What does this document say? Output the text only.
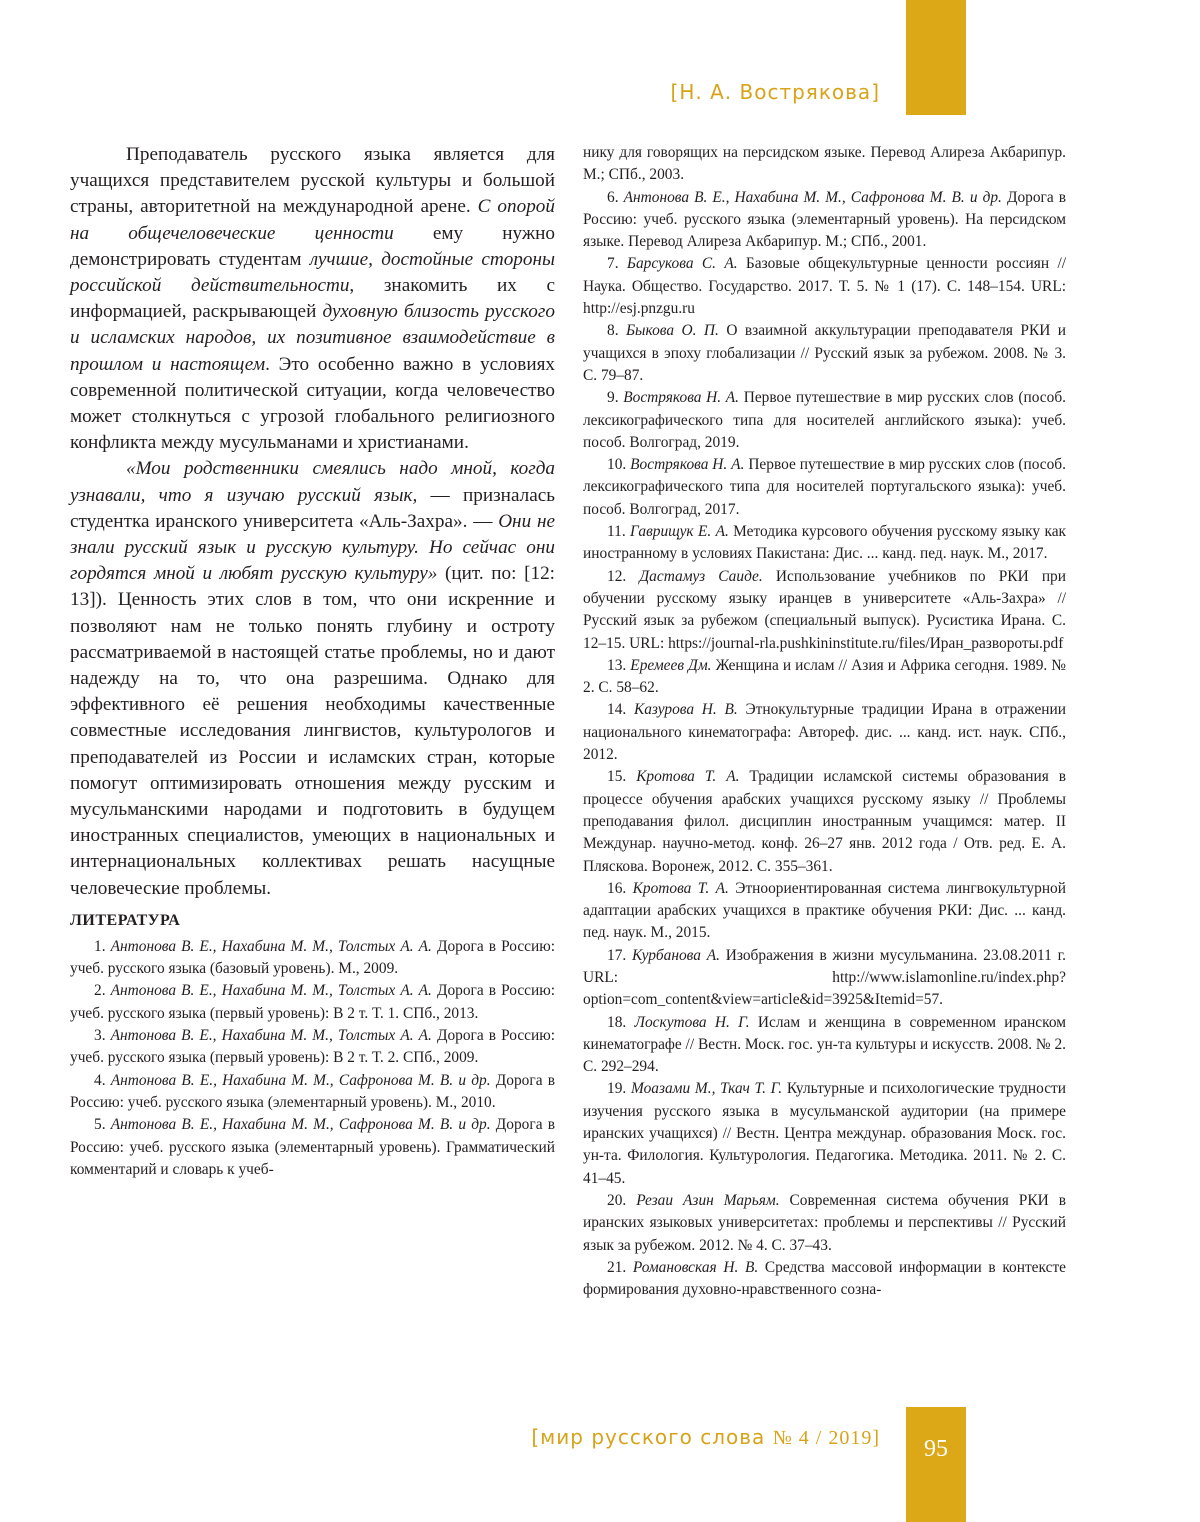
[Н. А. Вострякова]

Преподаватель русского языка является для учащихся представителем русской культуры и большой страны, авторитетной на международной арене. С опорой на общечеловеческие ценности ему нужно демонстрировать студентам лучшие, достойные стороны российской действительности, знакомить их с информацией, раскрывающей духовную близость русского и исламских народов, их позитивное взаимодействие в прошлом и настоящем. Это особенно важно в условиях современной политической ситуации, когда человечество может столкнуться с угрозой глобального религиозного конфликта между мусульманами и христианами.

«Мои родственники смеялись надо мной, когда узнавали, что я изучаю русский язык, — призналась студентка иранского университета «Аль-Захра». — Они не знали русский язык и русскую культуру. Но сейчас они гордятся мной и любят русскую культуру» (цит. по: [12: 13]). Ценность этих слов в том, что они искренние и позволяют нам не только понять глубину и остроту рассматриваемой в настоящей статье проблемы, но и дают надежду на то, что она разрешима. Однако для эффективного её решения необходимы качественные совместные исследования лингвистов, культурологов и преподавателей из России и исламских стран, которые помогут оптимизировать отношения между русским и мусульманскими народами и подготовить в будущем иностранных специалистов, умеющих в национальных и интернациональных коллективах решать насущные человеческие проблемы.

ЛИТЕРАТУРА

1. Антонова В. Е., Нахабина М. М., Толстых А. А. Дорога в Россию: учеб. русского языка (базовый уровень). М., 2009.

2. Антонова В. Е., Нахабина М. М., Толстых А. А. Дорога в Россию: учеб. русского языка (первый уровень): В 2 т. Т. 1. СПб., 2013.

3. Антонова В. Е., Нахабина М. М., Толстых А. А. Дорога в Россию: учеб. русского языка (первый уровень): В 2 т. Т. 2. СПб., 2009.

4. Антонова В. Е., Нахабина М. М., Сафронова М. В. и др. Дорога в Россию: учеб. русского языка (элементарный уровень). М., 2010.

5. Антонова В. Е., Нахабина М. М., Сафронова М. В. и др. Дорога в Россию: учеб. русского языка (элементарный уровень). Грамматический комментарий и словарь к учеб-

нику для говорящих на персидском языке. Перевод Алиреза Акбарипур. М.; СПб., 2003.

6. Антонова В. Е., Нахабина М. М., Сафронова М. В. и др. Дорога в Россию: учеб. русского языка (элементарный уровень). На персидском языке. Перевод Алиреза Акбарипур. М.; СПб., 2001.

7. Барсукова С. А. Базовые общекультурные ценности россиян // Наука. Общество. Государство. 2017. Т. 5. № 1 (17). С. 148–154. URL: http://esj.pnzgu.ru

8. Быкова О. П. О взаимной аккультурации преподавателя РКИ и учащихся в эпоху глобализации // Русский язык за рубежом. 2008. № 3. С. 79–87.

9. Вострякова Н. А. Первое путешествие в мир русских слов (пособ. лексикографического типа для носителей английского языка): учеб. пособ. Волгоград, 2019.

10. Вострякова Н. А. Первое путешествие в мир русских слов (пособ. лексикографического типа для носителей португальского языка): учеб. пособ. Волгоград, 2017.

11. Гаврищук Е. А. Методика курсового обучения русскому языку как иностранному в условиях Пакистана: Дис. ... канд. пед. наук. М., 2017.

12. Дастамуз Саиде. Использование учебников по РКИ при обучении русскому языку иранцев в университете «Аль-Захра» // Русский язык за рубежом (специальный выпуск). Русистика Ирана. С. 12–15. URL: https://journal-rla.pushkininstitute.ru/files/Иран_развороты.pdf

13. Еремеев Дм. Женщина и ислам // Азия и Африка сегодня. 1989. № 2. С. 58–62.

14. Казурова Н. В. Этнокультурные традиции Ирана в отражении национального кинематографа: Автореф. дис. ... канд. ист. наук. СПб., 2012.

15. Кротова Т. А. Традиции исламской системы образования в процессе обучения арабских учащихся русскому языку // Проблемы преподавания филол. дисциплин иностранным учащимся: матер. II Междунар. научно-метод. конф. 26–27 янв. 2012 года / Отв. ред. Е. А. Пляскова. Воронеж, 2012. С. 355–361.

16. Кротова Т. А. Этноориентированная система лингвокультурной адаптации арабских учащихся в практике обучения РКИ: Дис. ... канд. пед. наук. М., 2015.

17. Курбанова А. Изображения в жизни мусульманина. 23.08.2011 г. URL: http://www.islamonline.ru/index.php?option=com_content&view=article&id=3925&Itemid=57.

18. Лоскутова Н. Г. Ислам и женщина в современном иранском кинематографе // Вестн. Моск. гос. ун-та культуры и искусств. 2008. № 2. С. 292–294.

19. Моазами М., Ткач Т. Г. Культурные и психологические трудности изучения русского языка в мусульманской аудитории (на примере иранских учащихся) // Вестн. Центра междунар. образования Моск. гос. ун-та. Филология. Культурология. Педагогика. Методика. 2011. № 2. С. 41–45.

20. Резаи Азин Марьям. Современная система обучения РКИ в иранских языковых университетах: проблемы и перспективы // Русский язык за рубежом. 2012. № 4. С. 37–43.

21. Романовская Н. В. Средства массовой информации в контексте формирования духовно-нравственного созна-

[мир русского слова № 4 / 2019]	95
